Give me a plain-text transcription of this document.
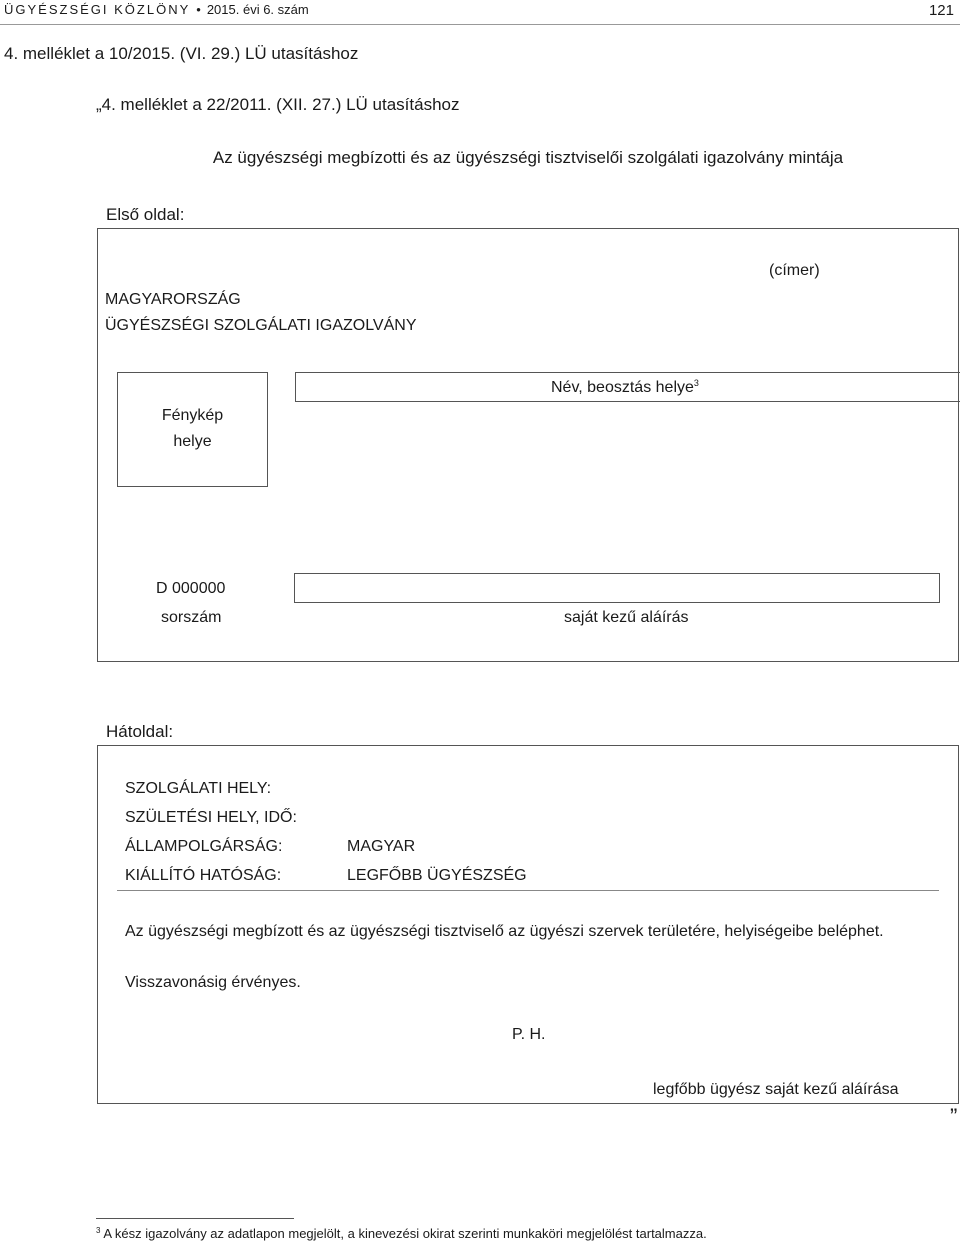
ÜGYÉSZSÉGI KÖZLÖNY • 2015. évi 6. szám	121
4. melléklet a 10/2015. (VI. 29.) LÜ utasításhoz
„4. melléklet a 22/2011. (XII. 27.) LÜ utasításhoz
Az ügyészségi megbízotti és az ügyészségi tisztviselői szolgálati igazolvány mintája
Első oldal:
(címer)
MAGYARORSZÁG
ÜGYÉSZSÉGI SZOLGÁLATI IGAZOLVÁNY
Fénykép
helye
Név, beosztás helye$^3$
D 000000
sorszám	saját kezű aláírás
Hátoldal:
SZOLGÁLATI HELY:
SZÜLETÉSI HELY, IDŐ:
ÁLLAMPOLGÁRSÁG:	MAGYAR
KIÁLLÍTÓ HATÓSÁG:	LEGFŐBB ÜGYÉSZSÉG
Az ügyészségi megbízott és az ügyészségi tisztviselő az ügyészi szervek területére, helyiségeibe beléphet.
Visszavonásig érvényes.
P. H.
legfőbb ügyész saját kezű aláírása
”
$^3$ A kész igazolvány az adatlapon megjelölt, a kinevezési okirat szerinti munkaköri megjelölést tartalmazza.
